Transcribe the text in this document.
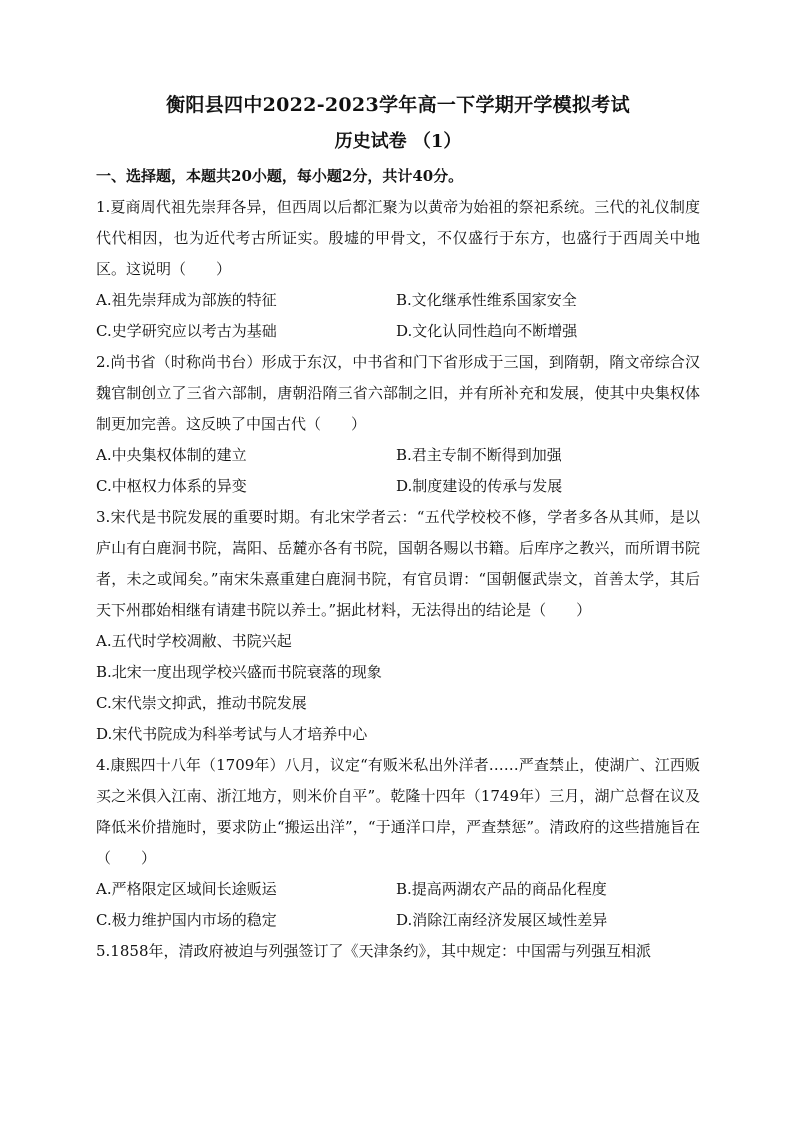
衡阳县四中2022-2023学年高一下学期开学模拟考试
历史试卷 （1）
一、选择题，本题共20小题，每小题2分，共计40分。
1.夏商周代祖先崇拜各异，但西周以后都汇聚为以黄帝为始祖的祭祀系统。三代的礼仪制度代代相因，也为近代考古所证实。殷墟的甲骨文，不仅盛行于东方，也盛行于西周关中地区。这说明（　　）
A.祖先崇拜成为部族的特征	B.文化继承性维系国家安全
C.史学研究应以考古为基础	D.文化认同性趋向不断增强
2.尚书省（时称尚书台）形成于东汉，中书省和门下省形成于三国，到隋朝，隋文帝综合汉魏官制创立了三省六部制，唐朝沿隋三省六部制之旧，并有所补充和发展，使其中央集权体制更加完善。这反映了中国古代（　　）
A.中央集权体制的建立	B.君主专制不断得到加强
C.中枢权力体系的异变	D.制度建设的传承与发展
3.宋代是书院发展的重要时期。有北宋学者云：“五代学校校不修，学者多各从其师，是以庐山有白鹿洞书院，嵩阳、岳麓亦各有书院，国朝各赐以书籍。后库序之教兴，而所谓书院者，未之或闻矣。”南宋朱熹重建白鹿洞书院，有官员谓：“国朝偃武崇文，首善太学，其后天下州郡始相继有请建书院以养士。”据此材料，无法得出的结论是（　　）
A.五代时学校凋敝、书院兴起
B.北宋一度出现学校兴盛而书院衰落的现象
C.宋代崇文抑武，推动书院发展
D.宋代书院成为科举考试与人才培养中心
4.康熙四十八年（1709年）八月，议定“有贩米私出外洋者……严查禁止，使湖广、江西贩买之米俱入江南、浙江地方，则米价自平”。乾隆十四年（1749年）三月，湖广总督在议及降低米价措施时，要求防止“搬运出洋”，“于通洋口岸，严查禁惩”。清政府的这些措施旨在（　　）
A.严格限定区域间长途贩运	B.提高两湖农产品的商品化程度
C.极力维护国内市场的稳定	D.消除江南经济发展区域性差异
5.1858年，清政府被迫与列强签订了《天津条约》，其中规定：中国需与列强互相派
